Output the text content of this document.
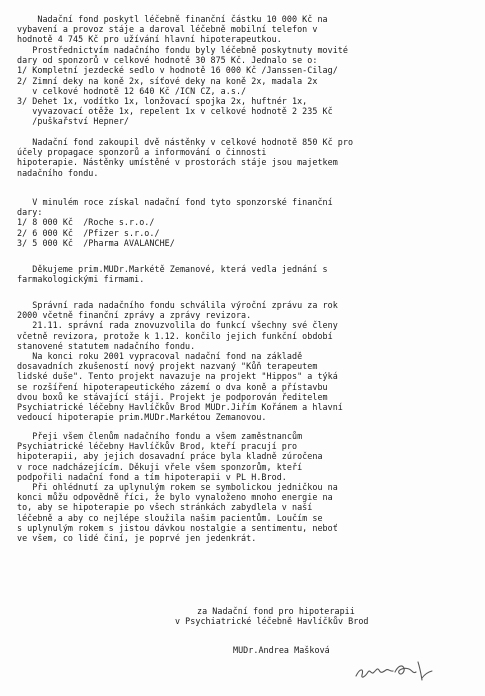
Nadační fond poskytl léčebně finanční částku 10 000 Kč na
vybavení a provoz stáje a daroval léčebně mobilní telefon v
hodnotě 4 745 Kč pro užívání hlavní hipoterapeutkou.
Prostřednictvím nadačního fondu byly léčebně poskytnuty movité
dary od sponzorů v celkové hodnotě 30 875 Kč. Jednalo se o:
1/ Kompletní jezdecké sedlo v hodnotě 16 000 Kč /Janssen-Cilag/
2/ Zimní deky na koně 2x, síťové deky na koně 2x, madala 2x
v celkové hodnotě 12 640 Kč /ICN CZ, a.s./
3/ Dehet 1x, vodítko 1x, lonžovací spojka 2x, huftnér 1x,
vyvazovací otěže 1x, repelent 1x v celkové hodnotě 2 235 Kč
/puškařství Hepner/
Nadační fond zakoupil dvě nástěnky v celkové hodnotě 850 Kč pro
účely propagace sponzorů a informování o činnosti
hipoterapie. Nástěnky umístěné v prostorách stáje jsou majetkem
nadačního fondu.
V minulém roce získal nadační fond tyto sponzorské finanční
dary:
1/ 8 000 Kč  /Roche s.r.o./
2/ 6 000 Kč  /Pfizer s.r.o./
3/ 5 000 Kč  /Pharma AVALANCHE/
Děkujeme prim.MUDr.Markétě Zemanové, která vedla jednání s
farmakologickými firmami.
Správní rada nadačního fondu schválila výroční zprávu za rok
2000 včetně finanční zprávy a zprávy revizora.
21.11. správní rada znovuzvolila do funkcí všechny své členy
včetně revizora, protože k 1.12. končilo jejich funkční období
stanovené statutem nadačního fondu.
Na konci roku 2001 vypracoval nadační fond na základě
dosavadních zkušeností nový projekt nazvaný "Kůň terapeutem
lidské duše". Tento projekt navazuje na projekt "Hippos" a týká
se rozšíření hipoterapeutického zázemí o dva koně a přístavbu
dvou boxů ke stávající stáji. Projekt je podporován ředitelem
Psychiatrické léčebny Havlíčkův Brod MUDr.Jiřím Kořánem a hlavní
vedoucí hipoterapie prim.MUDr.Markétou Zemanovou.
Přeji všem členům nadačního fondu a všem zaměstnancům
Psychiatrické léčebny Havlíčkův Brod, kteří pracují pro
hipoterapii, aby jejich dosavadní práce byla kladně zúročena
v roce nadcházejícím. Děkuji vřele všem sponzorům, kteří
podpořili nadační fond a tím hipoterapii v PL H.Brod.
Při ohlédnutí za uplynulým rokem se symbolickou jedničkou na
konci můžu odpovědně říci, že bylo vynaloženo mnoho energie na
to, aby se hipoterapie po všech stránkách zabydlela v naší
léčebně a aby co nejlépe sloužila našim pacientům. Loučím se
s uplynulým rokem s jistou dávkou nostalgie a sentimentu, neboť
ve všem, co lidé činí, je poprvé jen jedenkrát.
za Nadační fond pro hipoterapii
v Psychiatrické léčebně Havlíčkův Brod
MUDr.Andrea Mašková
